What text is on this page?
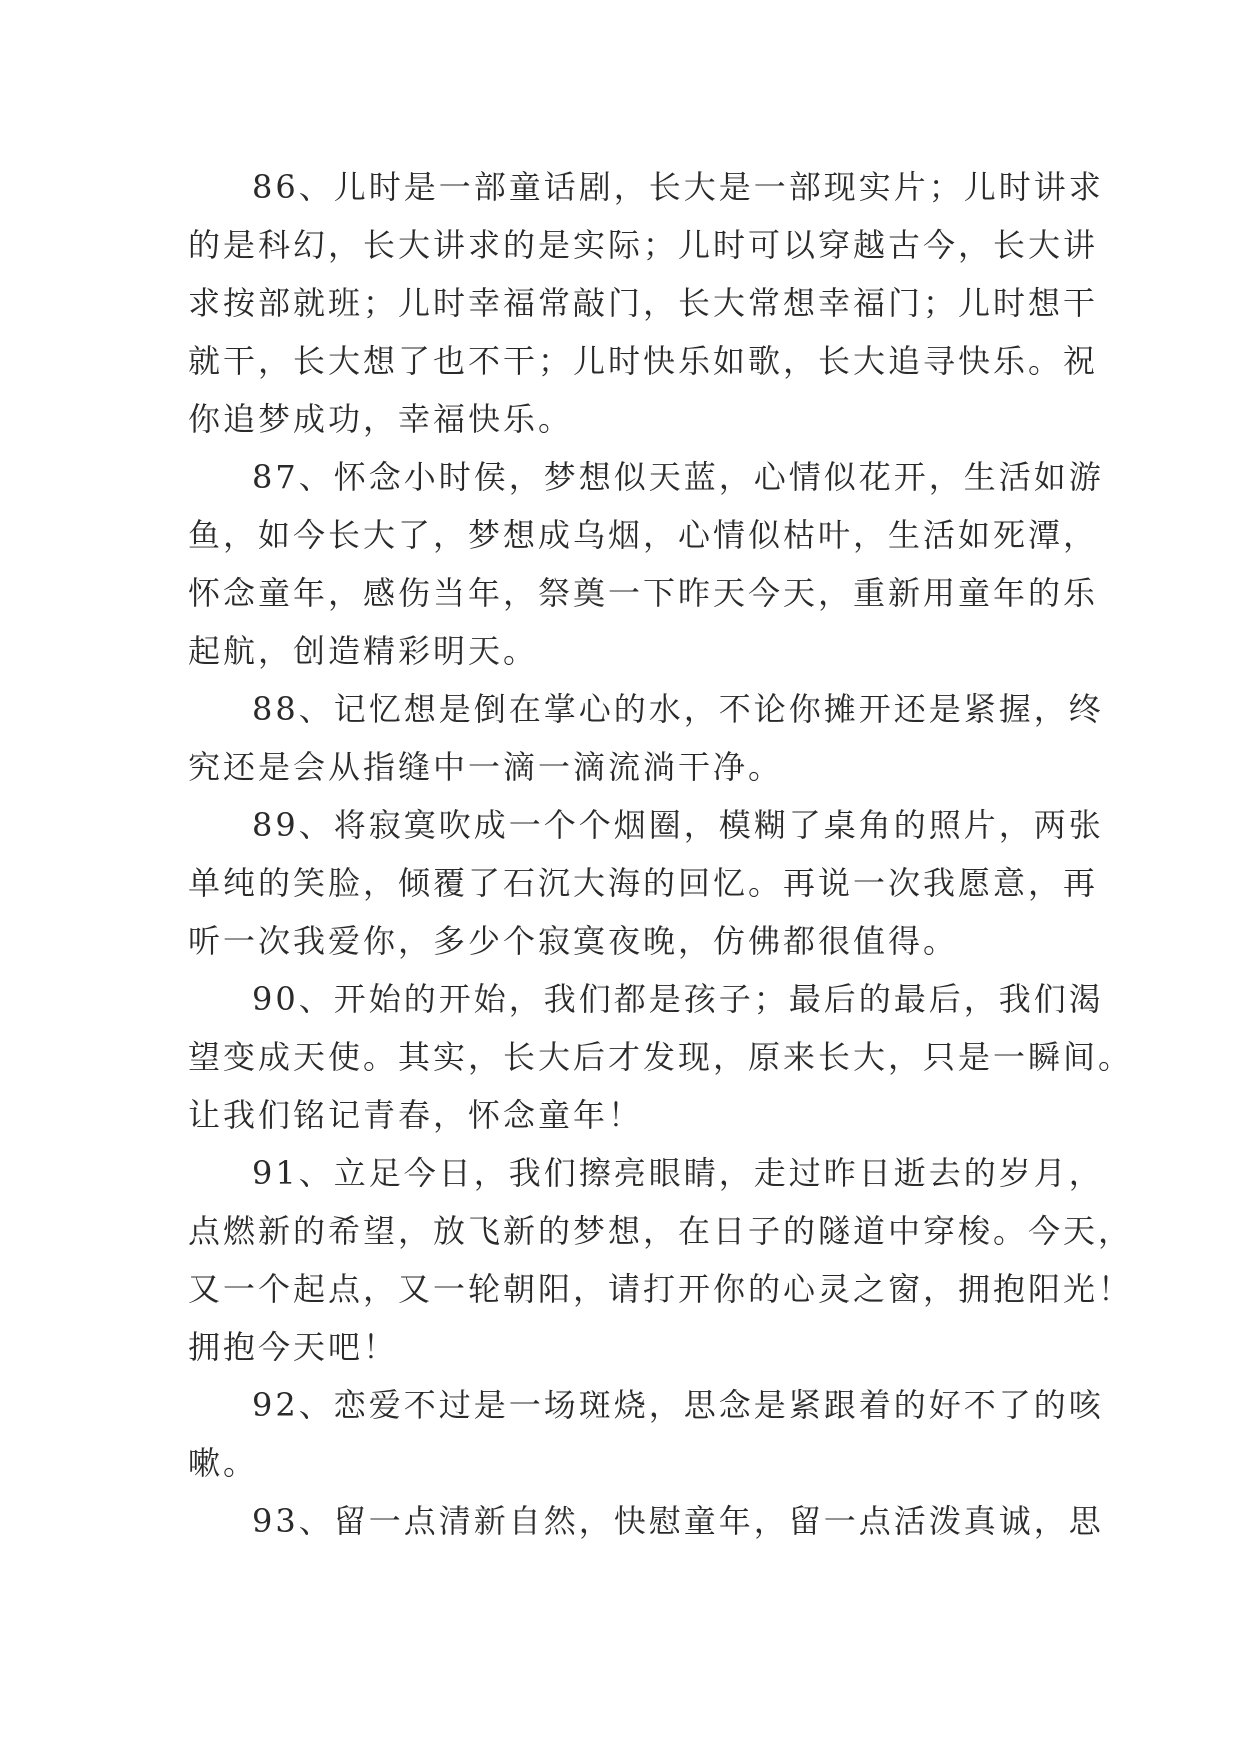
86、儿时是一部童话剧，长大是一部现实片；儿时讲求
的是科幻，长大讲求的是实际；儿时可以穿越古今，长大讲
求按部就班；儿时幸福常敲门，长大常想幸福门；儿时想干
就干，长大想了也不干；儿时快乐如歌，长大追寻快乐。祝
你追梦成功，幸福快乐。
87、怀念小时侯，梦想似天蓝，心情似花开，生活如游
鱼，如今长大了，梦想成乌烟，心情似枯叶，生活如死潭，
怀念童年，感伤当年，祭奠一下昨天今天，重新用童年的乐
起航，创造精彩明天。
88、记忆想是倒在掌心的水，不论你摊开还是紧握，终
究还是会从指缝中一滴一滴流淌干净。
89、将寂寞吹成一个个烟圈，模糊了桌角的照片，两张
单纯的笑脸，倾覆了石沉大海的回忆。再说一次我愿意，再
听一次我爱你，多少个寂寞夜晚，仿佛都很值得。
90、开始的开始，我们都是孩子；最后的最后，我们渴
望变成天使。其实，长大后才发现，原来长大，只是一瞬间。
让我们铭记青春，怀念童年！
91、立足今日，我们擦亮眼睛，走过昨日逝去的岁月，
点燃新的希望，放飞新的梦想，在日子的隧道中穿梭。今天，
又一个起点，又一轮朝阳，请打开你的心灵之窗，拥抱阳光！
拥抱今天吧！
92、恋爱不过是一场斑烧，思念是紧跟着的好不了的咳
嗽。
93、留一点清新自然，快慰童年，留一点活泼真诚，思
